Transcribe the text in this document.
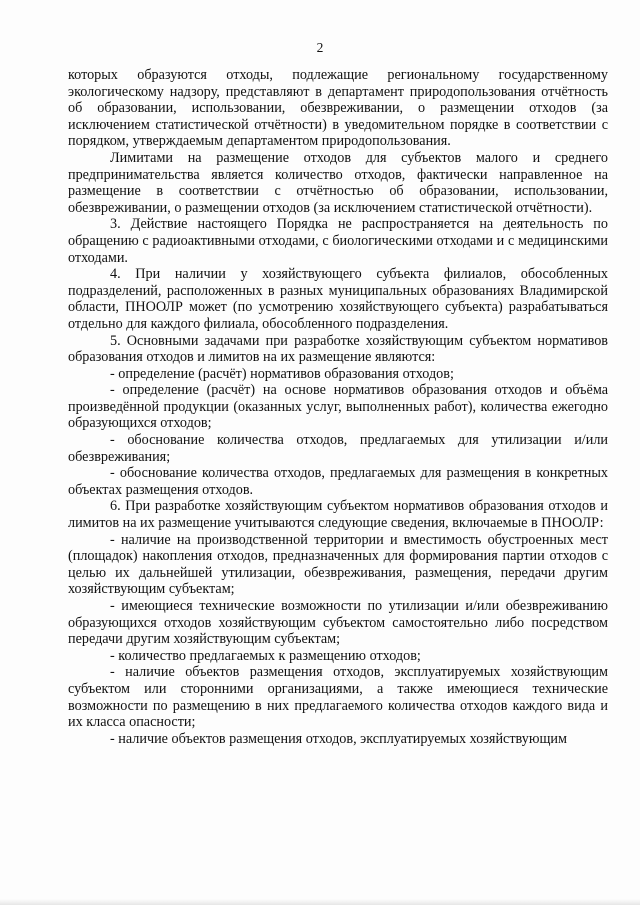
2

которых образуются отходы, подлежащие региональному государственному экологическому надзору, представляют в департамент природопользования отчётность об образовании, использовании, обезвреживании, о размещении отходов (за исключением статистической отчётности) в уведомительном порядке в соответствии с порядком, утверждаемым департаментом природопользования.

Лимитами на размещение отходов для субъектов малого и среднего предпринимательства является количество отходов, фактически направленное на размещение в соответствии с отчётностью об образовании, использовании, обезвреживании, о размещении отходов (за исключением статистической отчётности).

3. Действие настоящего Порядка не распространяется на деятельность по обращению с радиоактивными отходами, с биологическими отходами и с медицинскими отходами.

4. При наличии у хозяйствующего субъекта филиалов, обособленных подразделений, расположенных в разных муниципальных образованиях Владимирской области, ПНООЛР может (по усмотрению хозяйствующего субъекта) разрабатываться отдельно для каждого филиала, обособленного подразделения.

5. Основными задачами при разработке хозяйствующим субъектом нормативов образования отходов и лимитов на их размещение являются:

- определение (расчёт) нормативов образования отходов;

- определение (расчёт) на основе нормативов образования отходов и объёма произведённой продукции (оказанных услуг, выполненных работ), количества ежегодно образующихся отходов;

- обоснование количества отходов, предлагаемых для утилизации и/или обезвреживания;

- обоснование количества отходов, предлагаемых для размещения в конкретных объектах размещения отходов.

6. При разработке хозяйствующим субъектом нормативов образования отходов и лимитов на их размещение учитываются следующие сведения, включаемые в ПНООЛР:

- наличие на производственной территории и вместимость обустроенных мест (площадок) накопления отходов, предназначенных для формирования партии отходов с целью их дальнейшей утилизации, обезвреживания, размещения, передачи другим хозяйствующим субъектам;

- имеющиеся технические возможности по утилизации и/или обезвреживанию образующихся отходов хозяйствующим субъектом самостоятельно либо посредством передачи другим хозяйствующим субъектам;

- количество предлагаемых к размещению отходов;

- наличие объектов размещения отходов, эксплуатируемых хозяйствующим субъектом или сторонними организациями, а также имеющиеся технические возможности по размещению в них предлагаемого количества отходов каждого вида и их класса опасности;

- наличие объектов размещения отходов, эксплуатируемых хозяйствующим
